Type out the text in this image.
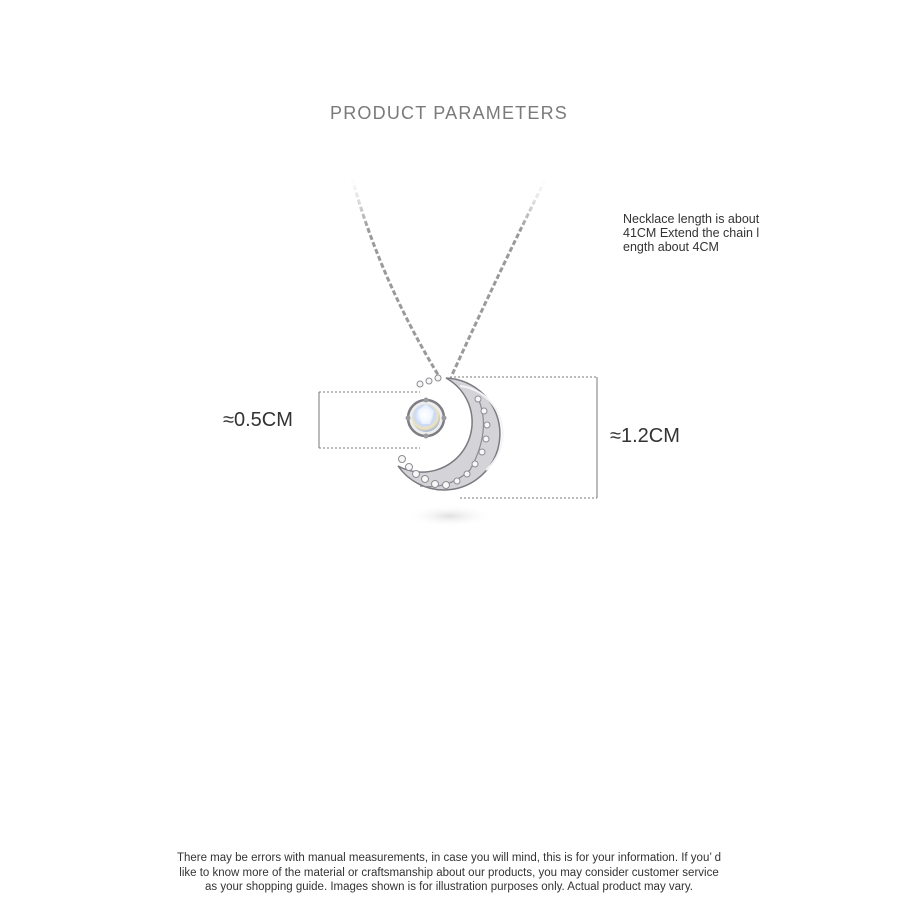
PRODUCT PARAMETERS
Necklace length is about
41CM Extend the chain l
ength about 4CM
≈0.5CM
≈1.2CM
There may be errors with manual measurements, in case you will mind, this is for your information. If you’ d
like to know more of the material or craftsmanship about our products, you may consider customer service
as your shopping guide. Images shown is for illustration purposes only. Actual product may vary.
